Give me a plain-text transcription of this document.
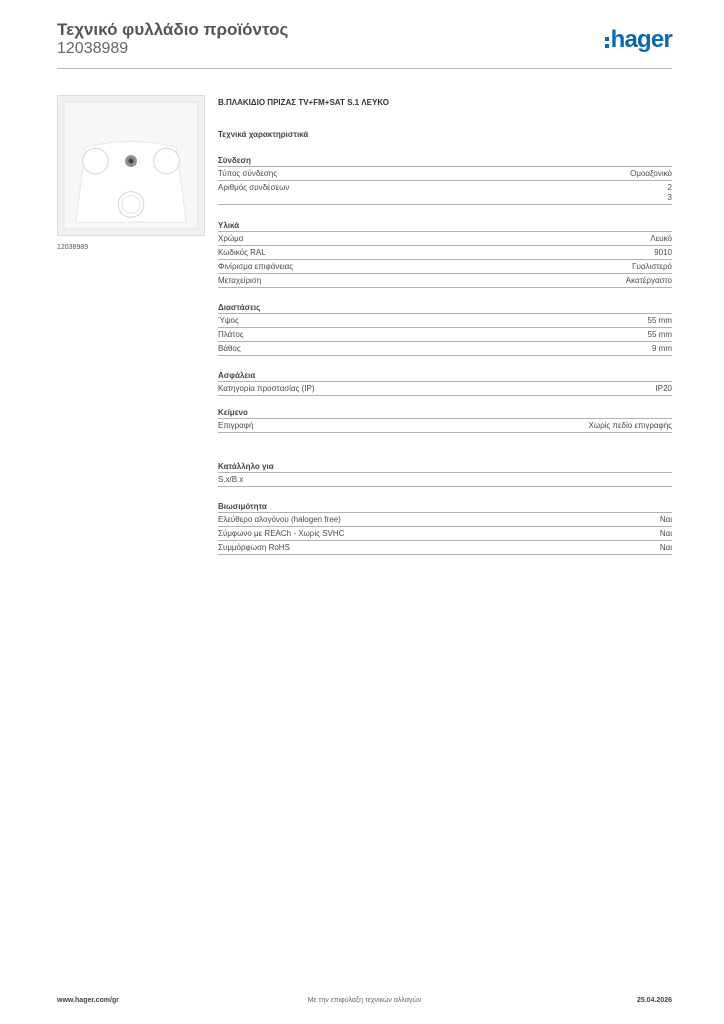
Τεχνικό φυλλάδιο προϊόντος
12038989	hager
12038989
Β.ΠΛΑΚΙΔΙΟ ΠΡΙΖΑΣ TV+FM+SAT S.1 ΛΕΥΚΟ
Τεχνικά χαρακτηριστικά
Σύνδεση
Τύπος σύνδεσης	Ομοαξονικό
Αριθμός συνδέσεων	2
3
Υλικά
Χρώμα	Λευκό
Κωδικός RAL	9010
Φινίρισμα επιφάνειας	Γυαλιστερό
Μεταχείριση	Ακατέργαστο
Διαστάσεις
Ύψος	55 mm
Πλάτος	55 mm
Βάθος	9 mm
Ασφάλεια
Κατηγορία προστασίας (IP)	IP20
Κείμενο
Επιγραφή	Χωρίς πεδίο επιγραφής
Κατάλληλο για
S.x/B.x
Βιωσιμότητα
Ελεύθερο αλογόνου (halogen free)	Ναι
Σύμφωνο με REACh - Χωρίς SVHC	Ναι
Συμμόρφωση RoHS	Ναι
www.hager.com/gr	Με την επιφύλαξη τεχνικών αλλαγών	25.04.2026
